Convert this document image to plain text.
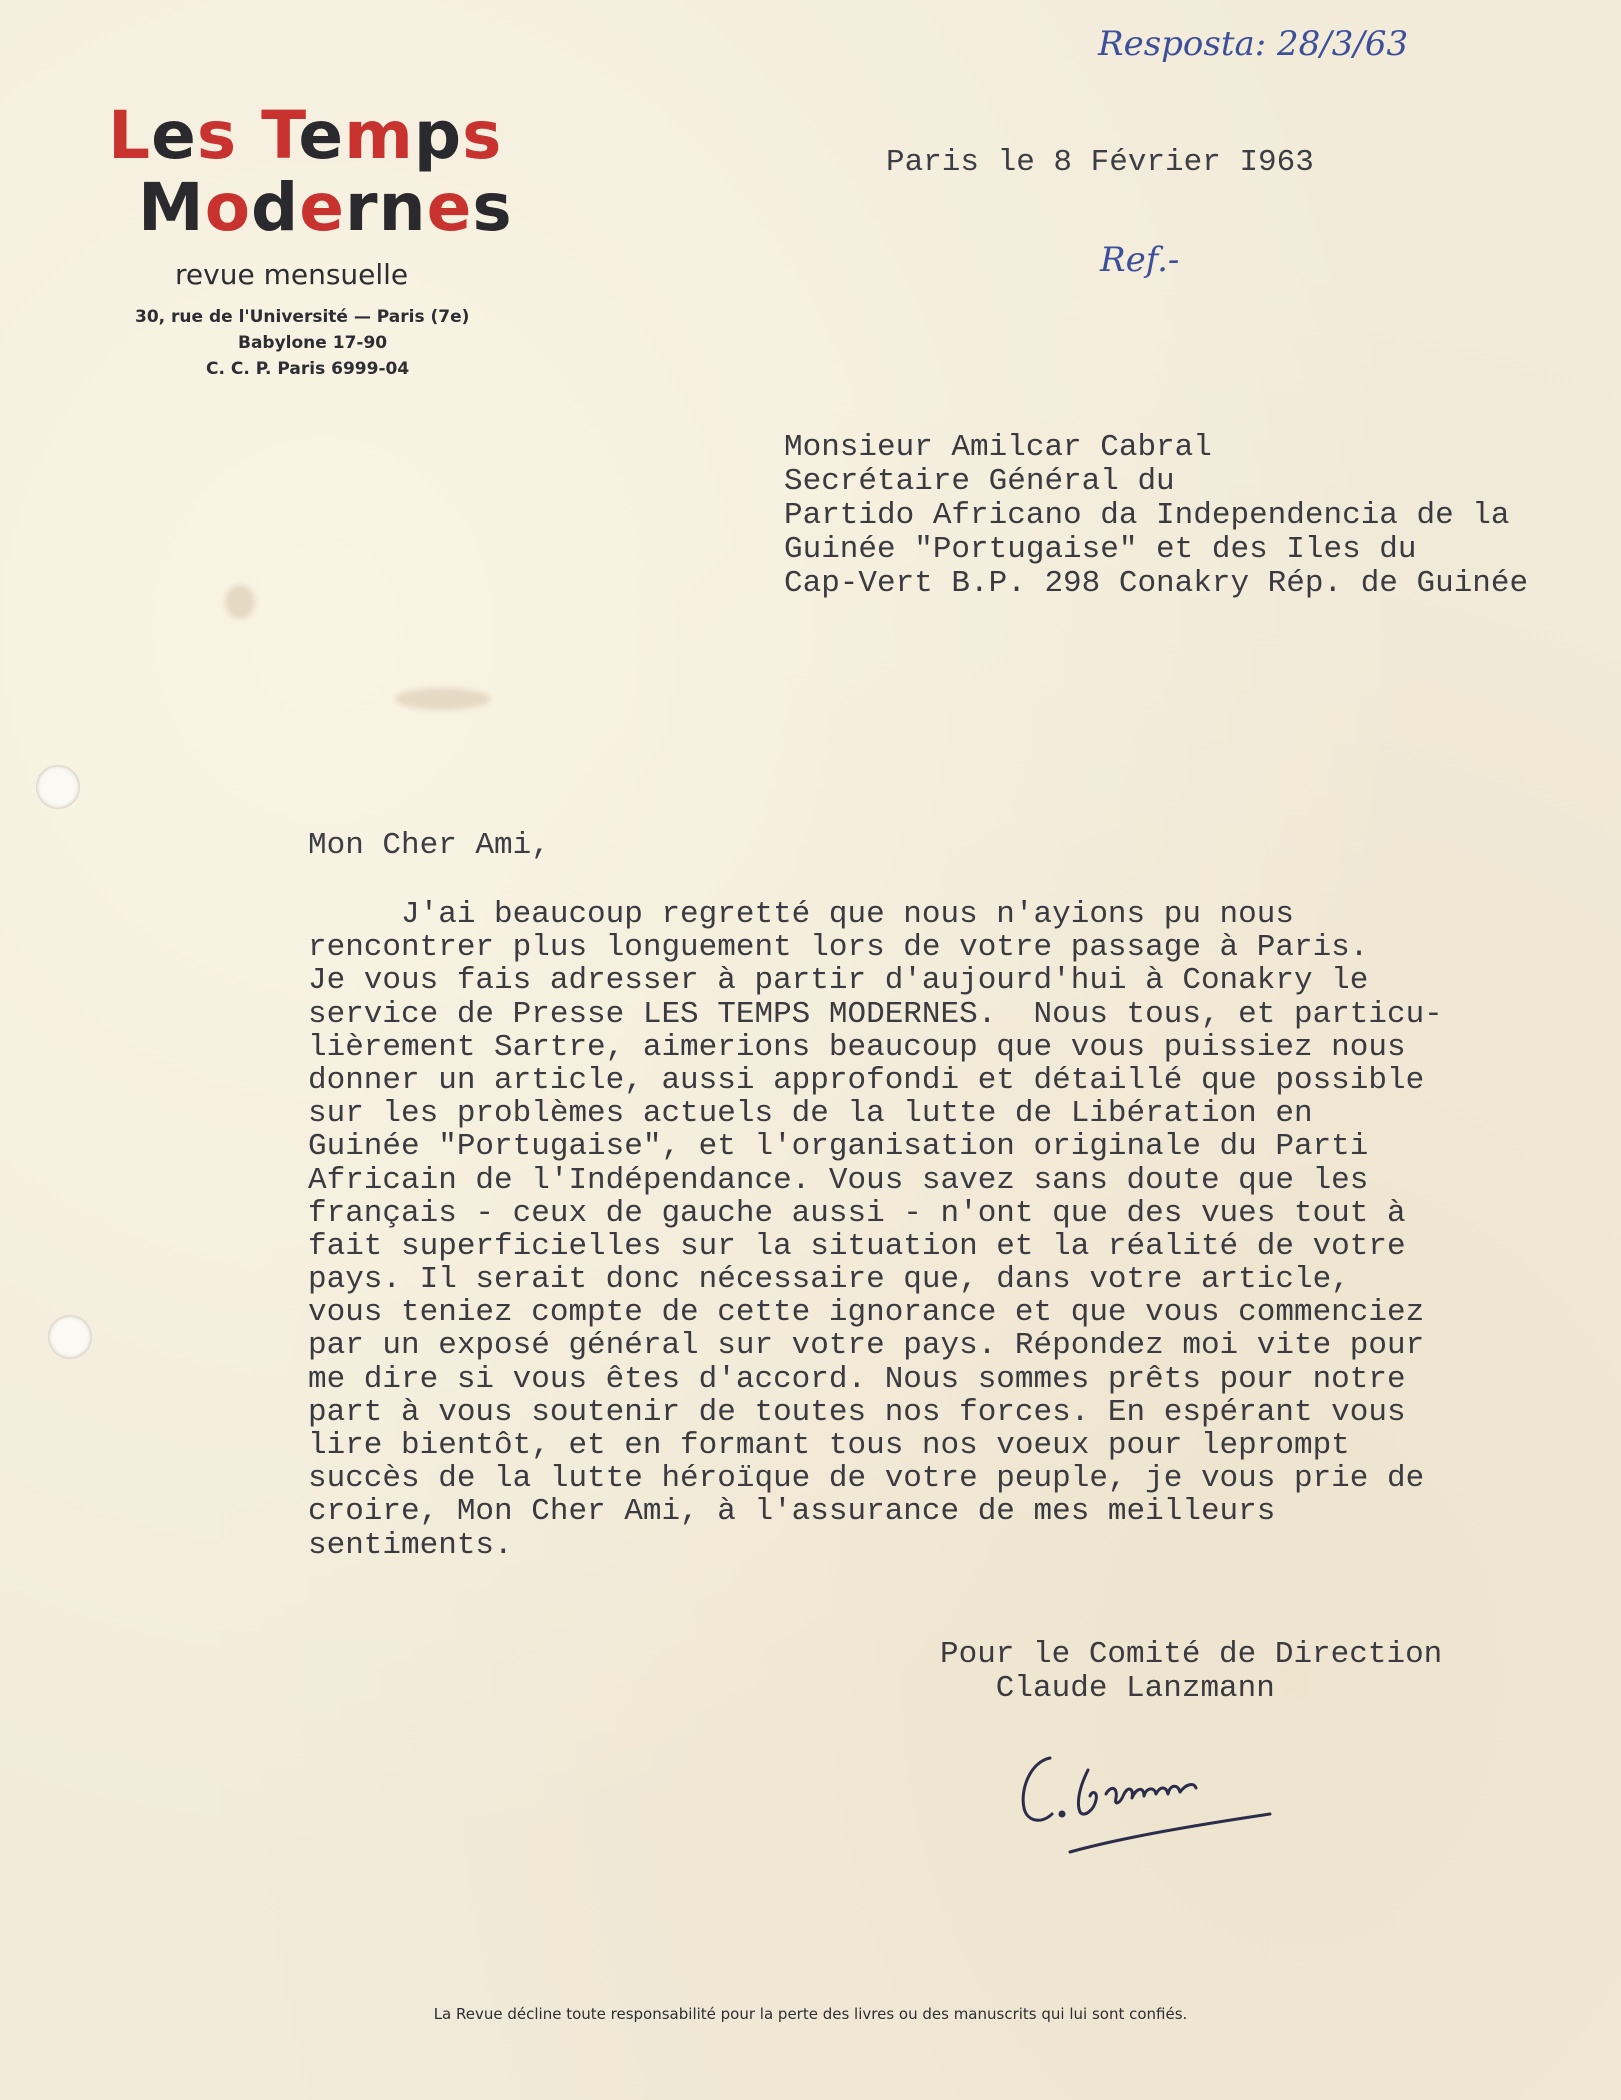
Les Temps
Modernes
revue mensuelle
30, rue de l'Université — Paris (7e)
Babylone 17-90
C. C. P. Paris 6999-04
Resposta: 28/3/63
Ref.-
Paris le 8 Février I963
Monsieur Amilcar Cabral
Secrétaire Général du
Partido Africano da Independencia de la
Guinée "Portugaise" et des Iles du
Cap-Vert B.P. 298 Conakry Rép. de Guinée
Mon Cher Ami,
J'ai beaucoup regretté que nous n'ayions pu nous
rencontrer plus longuement lors de votre passage à Paris.
Je vous fais adresser à partir d'aujourd'hui à Conakry le
service de Presse LES TEMPS MODERNES.  Nous tous, et particu-
lièrement Sartre, aimerions beaucoup que vous puissiez nous
donner un article, aussi approfondi et détaillé que possible
sur les problèmes actuels de la lutte de Libération en
Guinée "Portugaise", et l'organisation originale du Parti
Africain de l'Indépendance. Vous savez sans doute que les
français - ceux de gauche aussi - n'ont que des vues tout à
fait superficielles sur la situation et la réalité de votre
pays. Il serait donc nécessaire que, dans votre article,
vous teniez compte de cette ignorance et que vous commenciez
par un exposé général sur votre pays. Répondez moi vite pour
me dire si vous êtes d'accord. Nous sommes prêts pour notre
part à vous soutenir de toutes nos forces. En espérant vous
lire bientôt, et en formant tous nos voeux pour leprompt
succès de la lutte héroïque de votre peuple, je vous prie de
croire, Mon Cher Ami, à l'assurance de mes meilleurs
sentiments.
Pour le Comité de Direction
Claude Lanzmann
La Revue décline toute responsabilité pour la perte des livres ou des manuscrits qui lui sont confiés.
